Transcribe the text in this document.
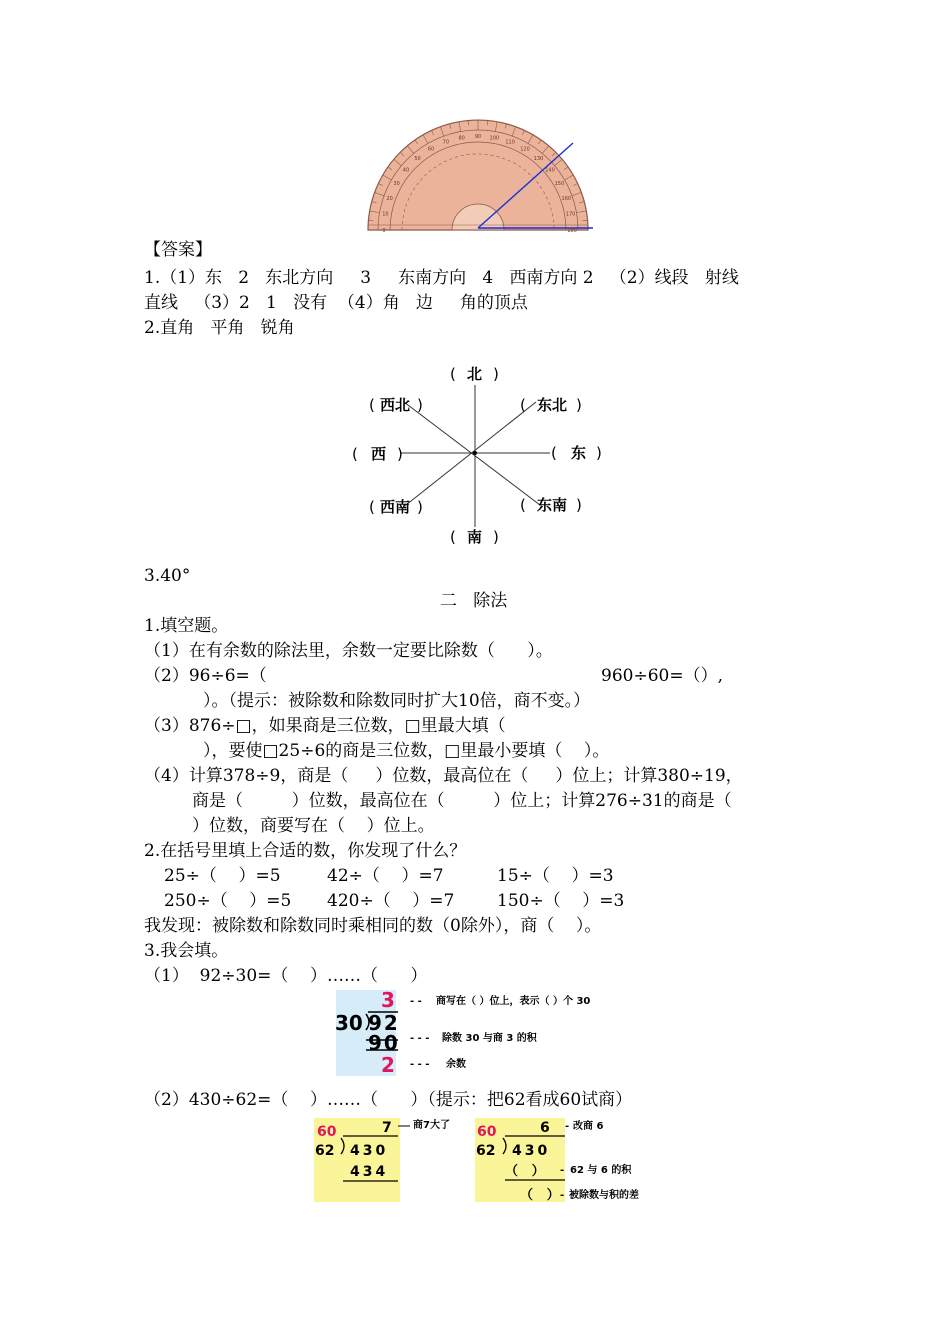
0
10
20
30
40
50
60
70
80 90 100
110
120
130
140
150
160
170
180
【答案】
1.（1）东   2   东北方向     3     东南方向   4   西南方向 2   （2）线段   射线
直线   （3）2   1   没有  （4）角   边     角的顶点
2.直角   平角   锐角
( 北 )
( 西北 )	( 东北 )
( 西 )	( 东 )
( 西南 )	( 东南 )
( 南 )
3.40°
二   除法
1.填空题。
（1）在有余数的除法里，余数一定要比除数（      ）。
（2）96÷6=（	960÷60=（）,
）。（提示：被除数和除数同时扩大10倍，商不变。）
（3）876÷□，如果商是三位数，□里最大填（
），要使□25÷6的商是三位数，□里最小要填（    ）。
（4）计算378÷9，商是（     ）位数，最高位在（     ）位上；计算380÷19，
商是（         ）位数，最高位在（         ）位上；计算276÷31的商是（
）位数，商要写在（    ）位上。
2.在括号里填上合适的数，你发现了什么？
25÷（    ）=5	42÷（    ）=7	15÷（    ）=3
250÷（    ）=5 420÷（    ）=7	150÷（    ）=3
我发现：被除数和除数同时乘相同的数（0除外），商（    ）。
3.我会填。
（1）  92÷30=（    ）……（      ）
3
30 92
90
2
- - 商写在（ ）位上，表示（ ）个 30
- - - 除数 30 与商 3 的积
- - - 余数
（2）430÷62=（    ）……（      ）（提示：把62看成60试商）
60	7
62 430
434
商7大了 60	6
62 430
（   ）
（   ）
- 改商 6
- 62 与 6 的积
- 被除数与积的差
